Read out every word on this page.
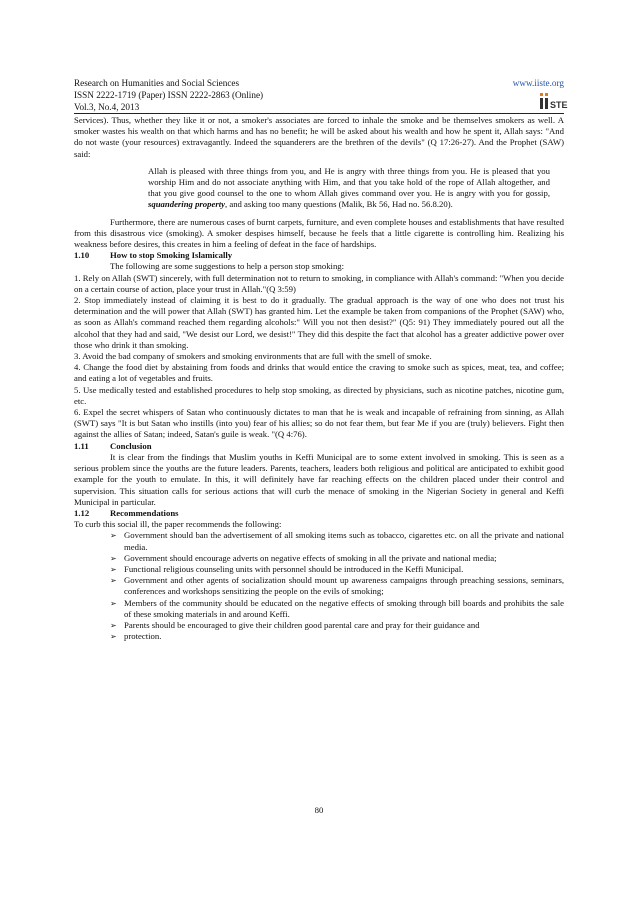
Research on Humanities and Social Sciences
ISSN 2222-1719 (Paper) ISSN 2222-2863 (Online)
Vol.3, No.4, 2013
www.iiste.org
STE

Services). Thus, whether they like it or not, a smoker's associates are forced to inhale the smoke and be themselves smokers as well. A smoker wastes his wealth on that which harms and has no benefit; he will be asked about his wealth and how he spent it, Allah says: "And do not waste (your resources) extravagantly. Indeed the squanderers are the brethren of the devils" (Q 17:26-27). And the Prophet (SAW) said:

Allah is pleased with three things from you, and He is angry with three things from you. He is pleased that you worship Him and do not associate anything with Him, and that you take hold of the rope of Allah altogether, and that you give good counsel to the one to whom Allah gives command over you. He is angry with you for gossip, squandering property, and asking too many questions (Malik, Bk 56, Had no. 56.8.20).

Furthermore, there are numerous cases of burnt carpets, furniture, and even complete houses and establishments that have resulted from this disastrous vice (smoking). A smoker despises himself, because he feels that a little cigarette is controlling him. Realizing his weakness before desires, this creates in him a feeling of defeat in the face of hardships.

1.10	How to stop Smoking Islamically

The following are some suggestions to help a person stop smoking:

1. Rely on Allah (SWT) sincerely, with full determination not to return to smoking, in compliance with Allah's command: "When you decide on a certain course of action, place your trust in Allah."(Q 3:59)

2. Stop immediately instead of claiming it is best to do it gradually. The gradual approach is the way of one who does not trust his determination and the will power that Allah (SWT) has granted him. Let the example be taken from companions of the Prophet (SAW) who, as soon as Allah's command reached them regarding alcohols:" Will you not then desist?" (Q5: 91) They immediately poured out all the alcohol that they had and said, "We desist our Lord, we desist!" They did this despite the fact that alcohol has a greater addictive power over those who drink it than smoking.

3. Avoid the bad company of smokers and smoking environments that are full with the smell of smoke.

4. Change the food diet by abstaining from foods and drinks that would entice the craving to smoke such as spices, meat, tea, and coffee; and eating a lot of vegetables and fruits.

5. Use medically tested and established procedures to help stop smoking, as directed by physicians, such as nicotine patches, nicotine gum, etc.

6. Expel the secret whispers of Satan who continuously dictates to man that he is weak and incapable of refraining from sinning, as Allah (SWT) says "It is but Satan who instills (into you) fear of his allies; so do not fear them, but fear Me if you are (truly) believers. Fight then against the allies of Satan; indeed, Satan's guile is weak. "(Q 4:76).

1.11	Conclusion

It is clear from the findings that Muslim youths in Keffi Municipal are to some extent involved in smoking. This is seen as a serious problem since the youths are the future leaders. Parents, teachers, leaders both religious and political are anticipated to exhibit good example for the youth to emulate. In this, it will definitely have far reaching effects on the children placed under their control and supervision. This situation calls for serious actions that will curb the menace of smoking in the Nigerian Society in general and Keffi Municipal in particular.

1.12	Recommendations

To curb this social ill, the paper recommends the following:

➢ Government should ban the advertisement of all smoking items such as tobacco, cigarettes etc. on all the private and national media.
➢ Government should encourage adverts on negative effects of smoking in all the private and national media;
➢ Functional religious counseling units with personnel should be introduced in the Keffi Municipal.
➢ Government and other agents of socialization should mount up awareness campaigns through preaching sessions, seminars, conferences and workshops sensitizing the people on the evils of smoking;
➢ Members of the community should be educated on the negative effects of smoking through bill boards and prohibits the sale of these smoking materials in and around Keffi.
➢ Parents should be encouraged to give their children good parental care and pray for their guidance and
➢ protection.
80
